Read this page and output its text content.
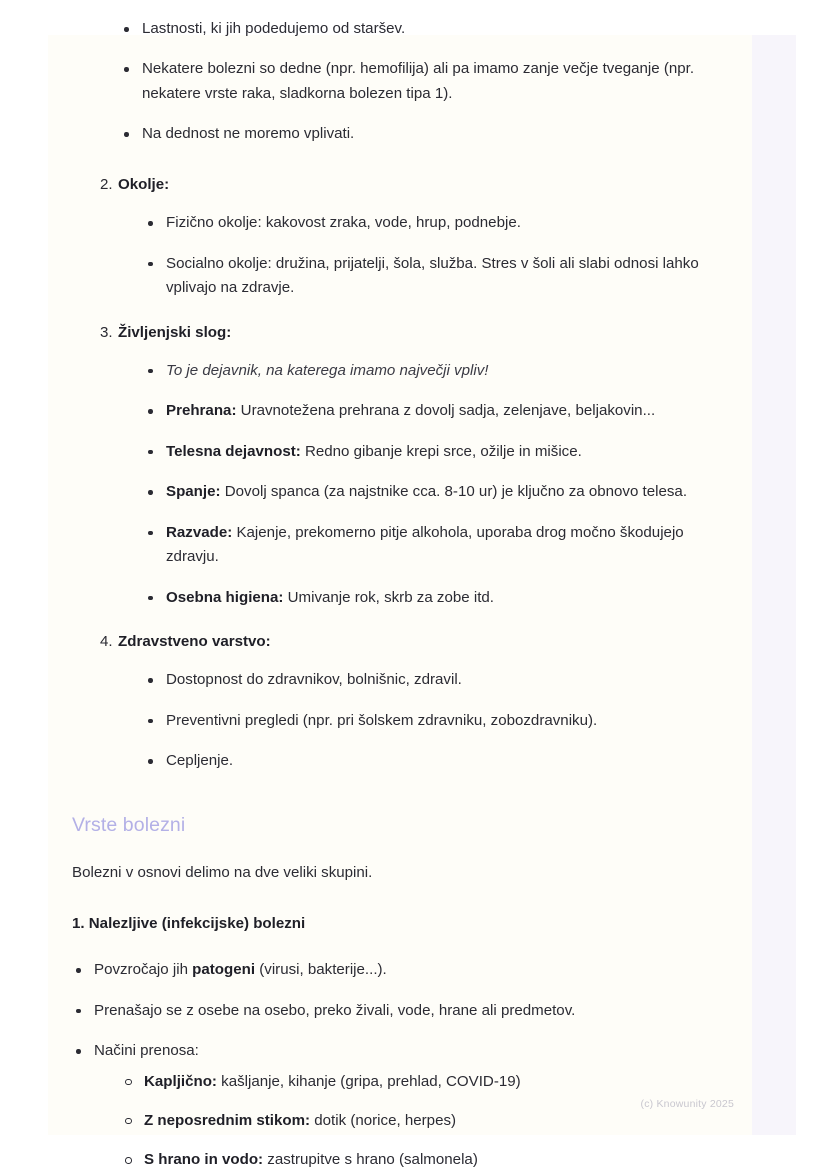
Lastnosti, ki jih podedujemo od staršev.
Nekatere bolezni so dedne (npr. hemofilija) ali pa imamo zanje večje tveganje (npr. nekatere vrste raka, sladkorna bolezen tipa 1).
Na dednost ne moremo vplivati.
2. Okolje:
Fizično okolje: kakovost zraka, vode, hrup, podnebje.
Socialno okolje: družina, prijatelji, šola, služba. Stres v šoli ali slabi odnosi lahko vplivajo na zdravje.
3. Življenjski slog:
To je dejavnik, na katerega imamo največji vpliv!
Prehrana: Uravnotežena prehrana z dovolj sadja, zelenjave, beljakovin...
Telesna dejavnost: Redno gibanje krepi srce, ožilje in mišice.
Spanje: Dovolj spanca (za najstnike cca. 8-10 ur) je ključno za obnovo telesa.
Razvade: Kajenje, prekomerno pitje alkohola, uporaba drog močno škodujejo zdravju.
Osebna higiena: Umivanje rok, skrb za zobe itd.
4. Zdravstveno varstvo:
Dostopnost do zdravnikov, bolnišnic, zdravil.
Preventivni pregledi (npr. pri šolskem zdravniku, zobozdravniku).
Cepljenje.
Vrste bolezni

Bolezni v osnovi delimo na dve veliki skupini.

1. Nalezljive (infekcijske) bolezni

Povzročajo jih patogeni (virusi, bakterije...).
Prenašajo se z osebe na osebo, preko živali, vode, hrane ali predmetov.
Načini prenosa:
Kapljično: kašljanje, kihanje (gripa, prehlad, COVID-19)
Z neposrednim stikom: dotik (norice, herpes)
S hrano in vodo: zastrupitve s hrano (salmonela)
(c) Knowunity 2025
